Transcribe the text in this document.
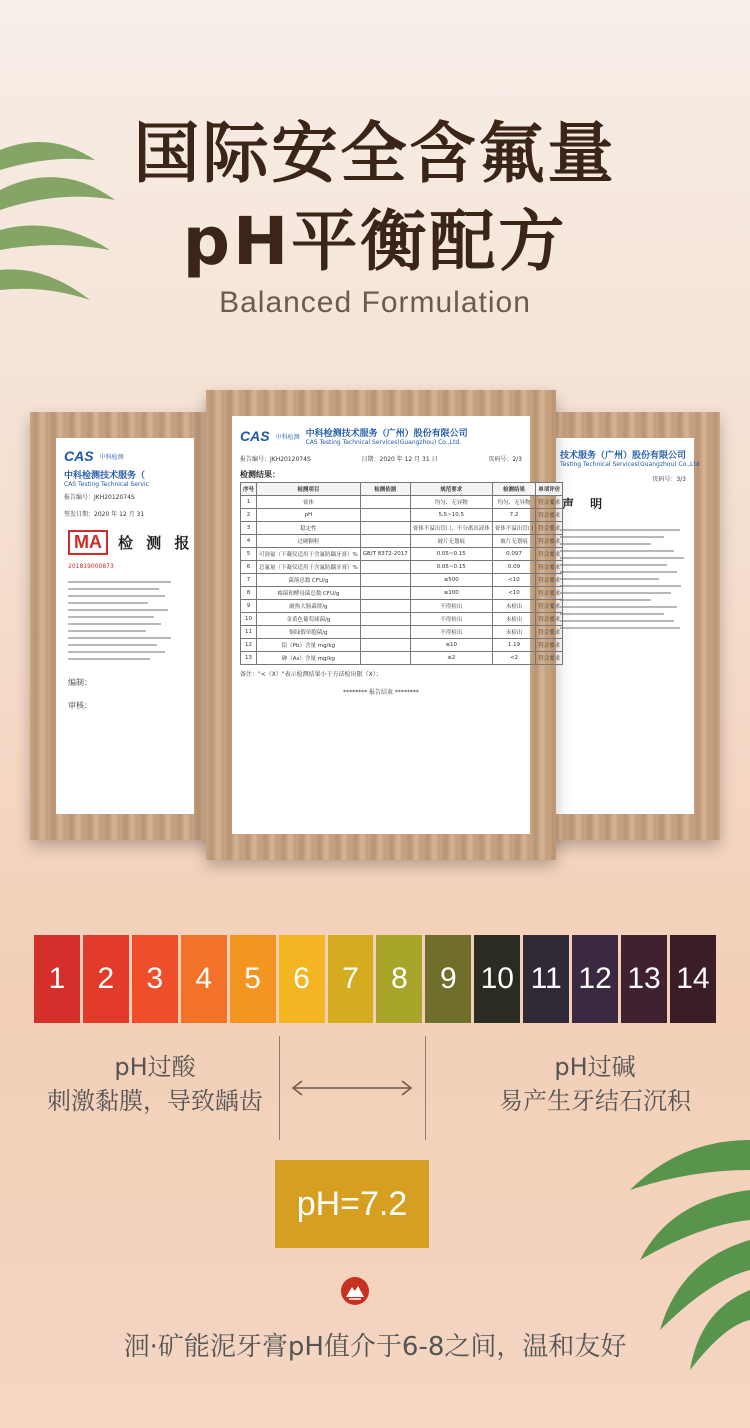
国际安全含氟量
pH平衡配方
Balanced Formulation
CAS 中科检测
中科检测技术服务（
CAS Testing Technical Servic
报告编号：JKH2012074S
签发日期：2020 年 12 月 31
MA	检 测 报
201819000873
编制：
审核：
技术服务（广州）股份有限公司
Testing Technical Services(Guangzhou) Co.,Ltd
页码号：3/3
声 明
CAS 中科检测 中科检测技术服务（广州）股份有限公司
CAS Testing Technical Services(Guangzhou) Co.,Ltd.
报告编号：JKH2012074S	日期：2020 年 12 月 31 日	页码号：2/3
检测结果：
序号	检测项目	检测依据	规范要求	检测结果	单项评价
1	膏体		均匀、无异物	均匀、无异物	符合要求
2	pH		5.5~10.5	7.2	符合要求
3	稳定性		膏体不溢出管口，不分离出液体	膏体不溢出管口	符合要求
4	过硬颗粒		玻片无划痕	玻片无划痕	符合要求
5	可溶氟（下凝仪适用于含氟防龋牙膏）%	GB/T 8372-2017	0.05~0.15	0.097	符合要求
6	总氟量（下凝仪适用于含氟防龋牙膏）%		0.05~0.15	0.09	符合要求
7	菌落总数 CFU/g		≤500	<10	符合要求
8	霉菌和酵母菌总数 CFU/g		≤100	<10	符合要求
9	耐热大肠菌群/g		不得检出	未检出	符合要求
10	金黄色葡萄球菌/g		不得检出	未检出	符合要求
11	铜绿假单胞菌/g		不得检出	未检出	符合要求
12	铅（Pb）含量 mg/kg		≤10	1.19	符合要求
13	砷（As）含量 mg/kg		≤2	<2	符合要求
备注："<（X）"表示检测结果小于方法检出限（X）；
******** 报告结束 ********
1	2	3	4	5	6	7	8	9 10 11 12 13 14
pH过酸
刺激黏膜，导致龋齿
pH过碱
易产生牙结石沉积
pH=7.2
洄·矿能泥牙膏pH值介于6-8之间，温和友好
